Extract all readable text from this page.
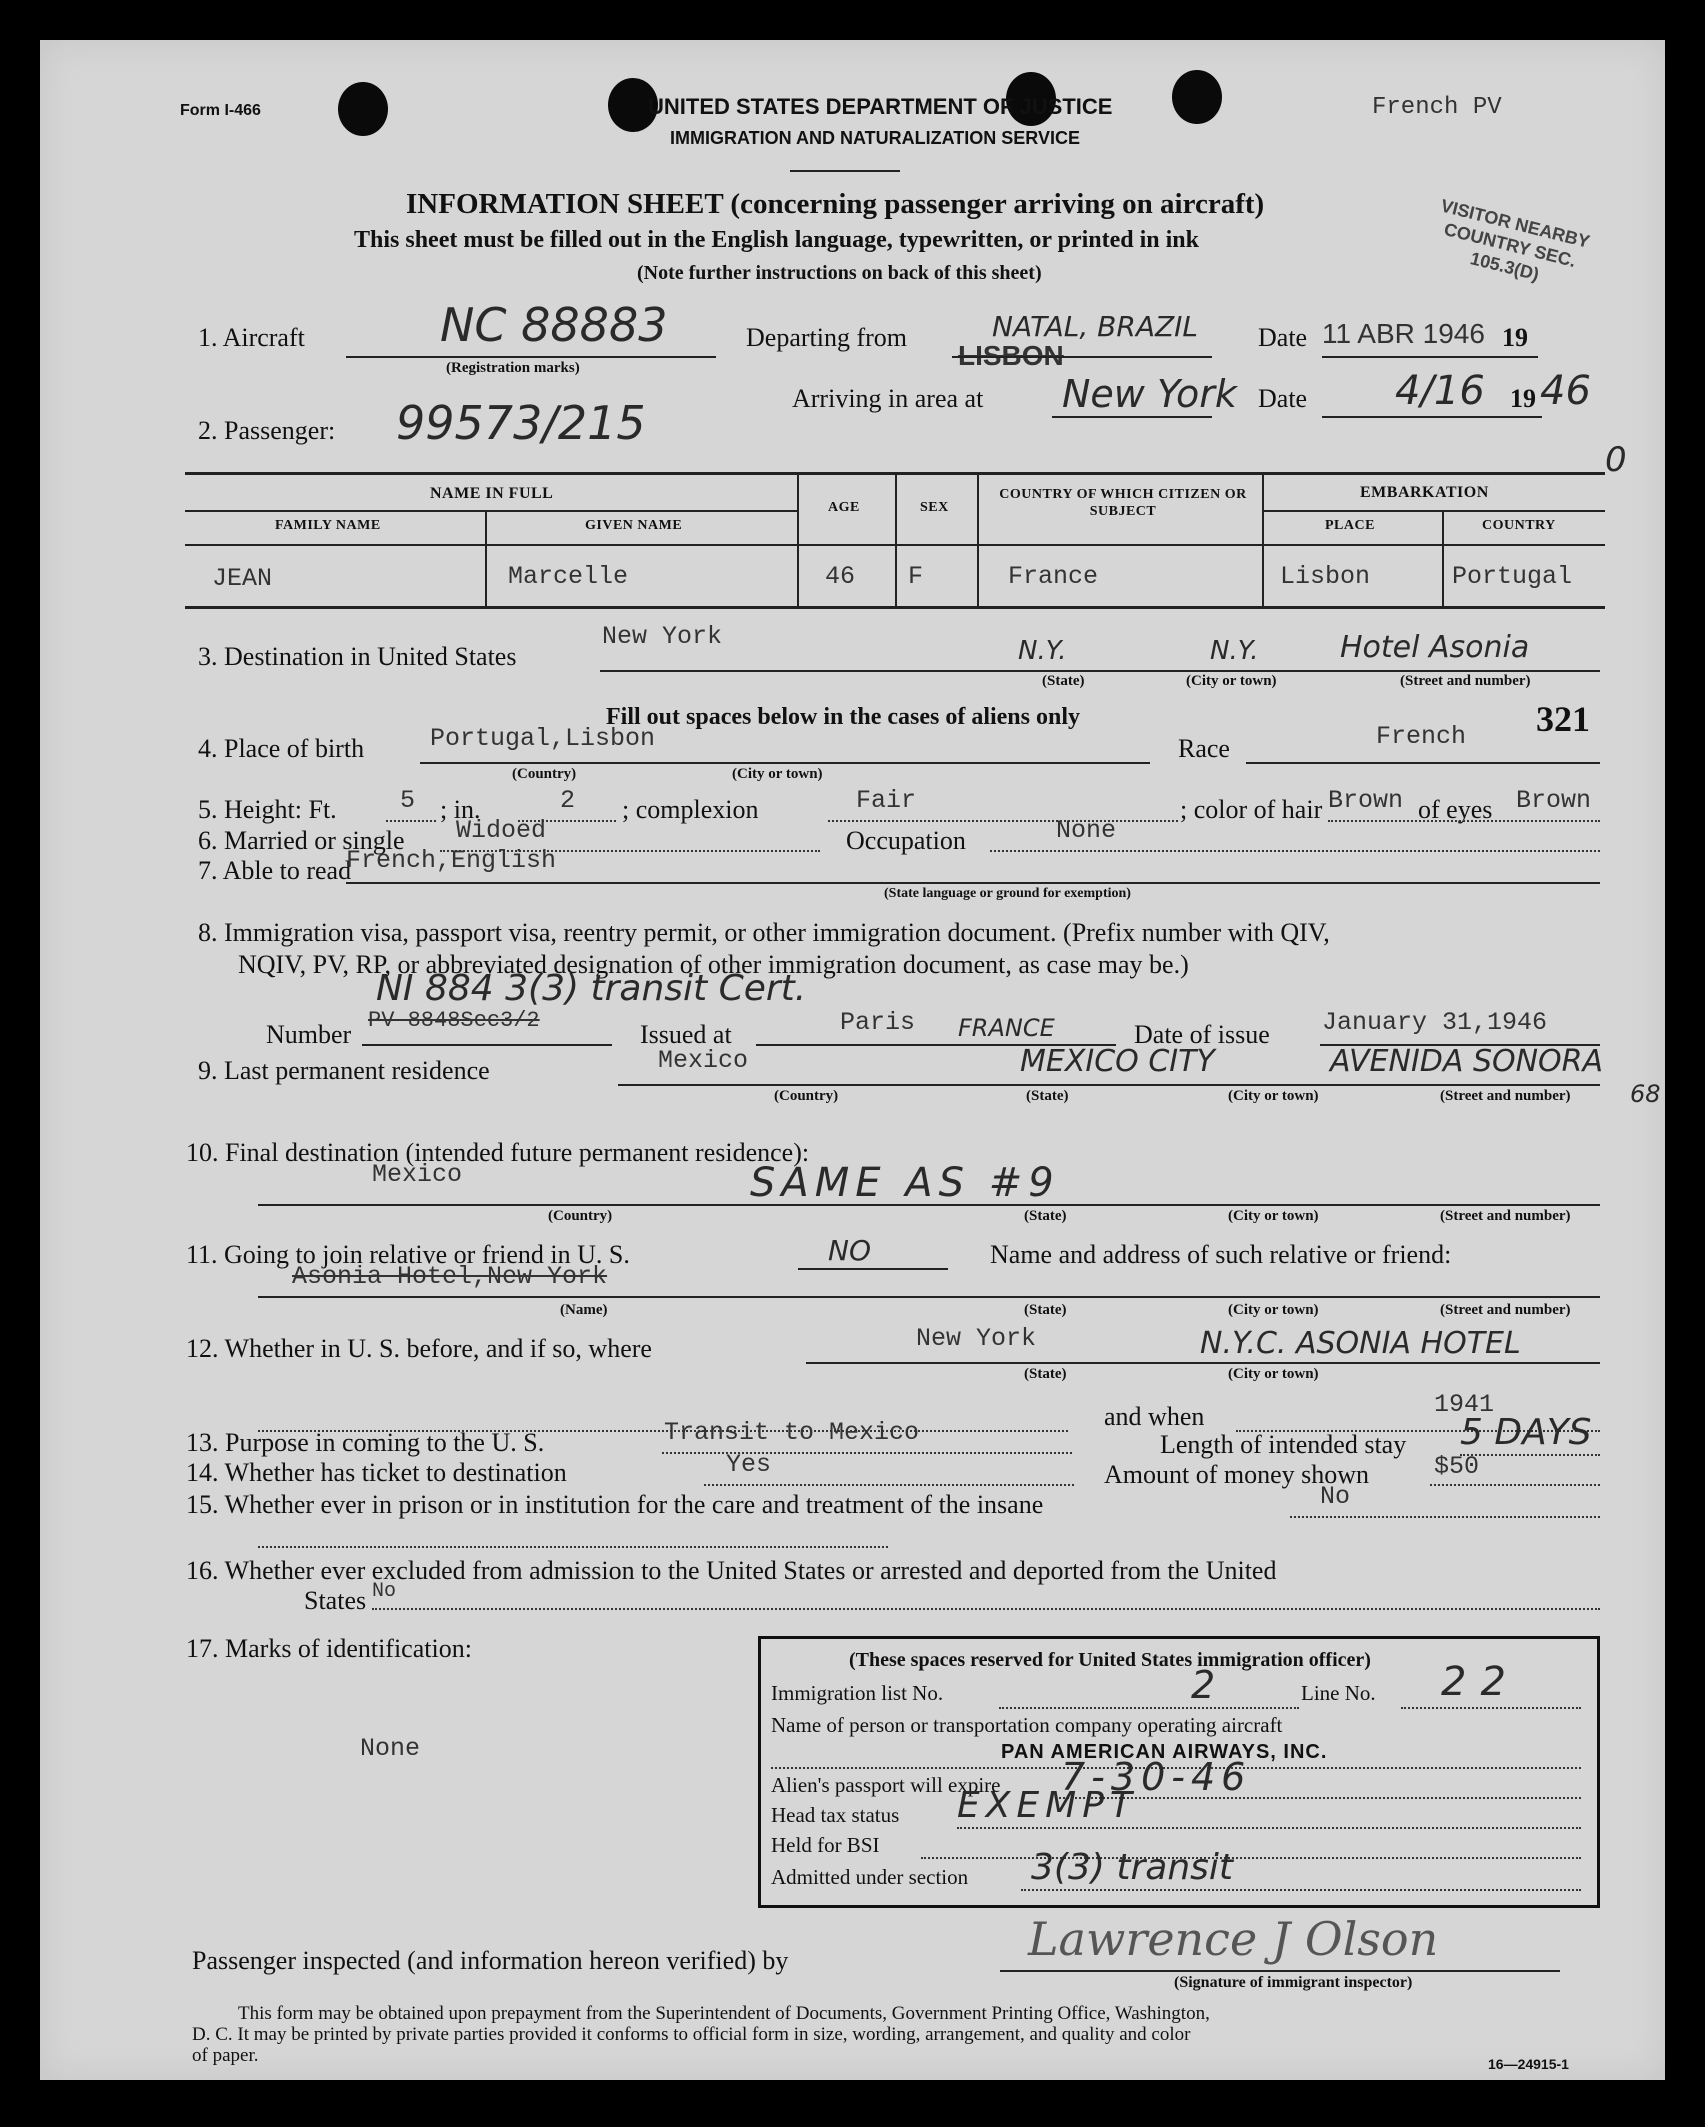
Form I-466	UNITED STATES DEPARTMENT OF JUSTICE
IMMIGRATION AND NATURALIZATION SERVICE
French PV
INFORMATION SHEET (concerning passenger arriving on aircraft)
This sheet must be filled out in the English language, typewritten, or printed in ink
(Note further instructions on back of this sheet)
VISITOR NEARBY COUNTRY SEC. 105.3(D)
1. Aircraft	NC 88883
(Registration marks)
Departing from	NATAL, BRAZIL
LISBON
Date 11 ABR 1946 19
2. Passenger: 99573/215	Arriving in area at New York Date 4/16 19 46
0
NAME IN FULL
FAMILY NAME	GIVEN NAME
AGE	SEX
COUNTRY OF WHICH CITIZEN OR SUBJECT
EMBARKATION
PLACE	COUNTRY
JEAN	Marcelle	46 F	France	Lisbon	Portugal
3. Destination in United States
New York	N.Y.	N.Y.	Hotel Asonia
(State)	(City or town)	(Street and number)
Fill out spaces below in the cases of aliens only	321
4. Place of birth	Portugal,Lisbon
(Country)	(City or town)
Race	French
5. Height: Ft.	5 ; in.	2 ; complexion	Fair	; color of hair Brown of eyes Brown
6. Married or single Widoed	Occupation	None
7. Able to read
French,English
(State language or ground for exemption)
8. Immigration visa, passport visa, reentry permit, or other immigration document. (Prefix number with QIV,
NQIV, PV, RP, or abbreviated designation of other immigration document, as case may be.)
NI 884 3(3) transit Cert.
Number PV 8848Sec3/2	Issued at	Paris FRANCE	Date of issue January 31,1946
9. Last permanent residence	Mexico	MEXICO CITY	AVENIDA SONORA
68
(Country)	(State)	(City or town)	(Street and number)
10. Final destination (intended future permanent residence):
Mexico	SAME AS #9
(Country)	(State)	(City or town)	(Street and number)
11. Going to join relative or friend in U. S.	NO	Name and address of such relative or friend:
Asonia Hotel,New York
(Name)	(State)	(City or town)	(Street and number)
12. Whether in U. S. before, and if so, where	New York	N.Y.C. ASONIA HOTEL
(State)	(City or town)
and when	1941
13. Purpose in coming to the U. S.	Transit to Mexico	Length of intended stay 5 DAYS
14. Whether has ticket to destination	Yes	Amount of money shown	$50
15. Whether ever in prison or in institution for the care and treatment of the insane	No
16. Whether ever excluded from admission to the United States or arrested and deported from the United
States No
17. Marks of identification:
None
(These spaces reserved for United States immigration officer)
Immigration list No.	2	Line No. 22
Name of person or transportation company operating aircraft
PAN AMERICAN AIRWAYS, INC.
Alien's passport will expire 7-30-46
Head tax status EXEMPT
Held for BSI
Admitted under section 3(3) transit
Passenger inspected (and information hereon verified) by	Lawrence J Olson
(Signature of immigrant inspector)
This form may be obtained upon prepayment from the Superintendent of Documents, Government Printing Office, Washington,
D. C. It may be printed by private parties provided it conforms to official form in size, wording, arrangement, and quality and color
of paper.	16—24915-1
